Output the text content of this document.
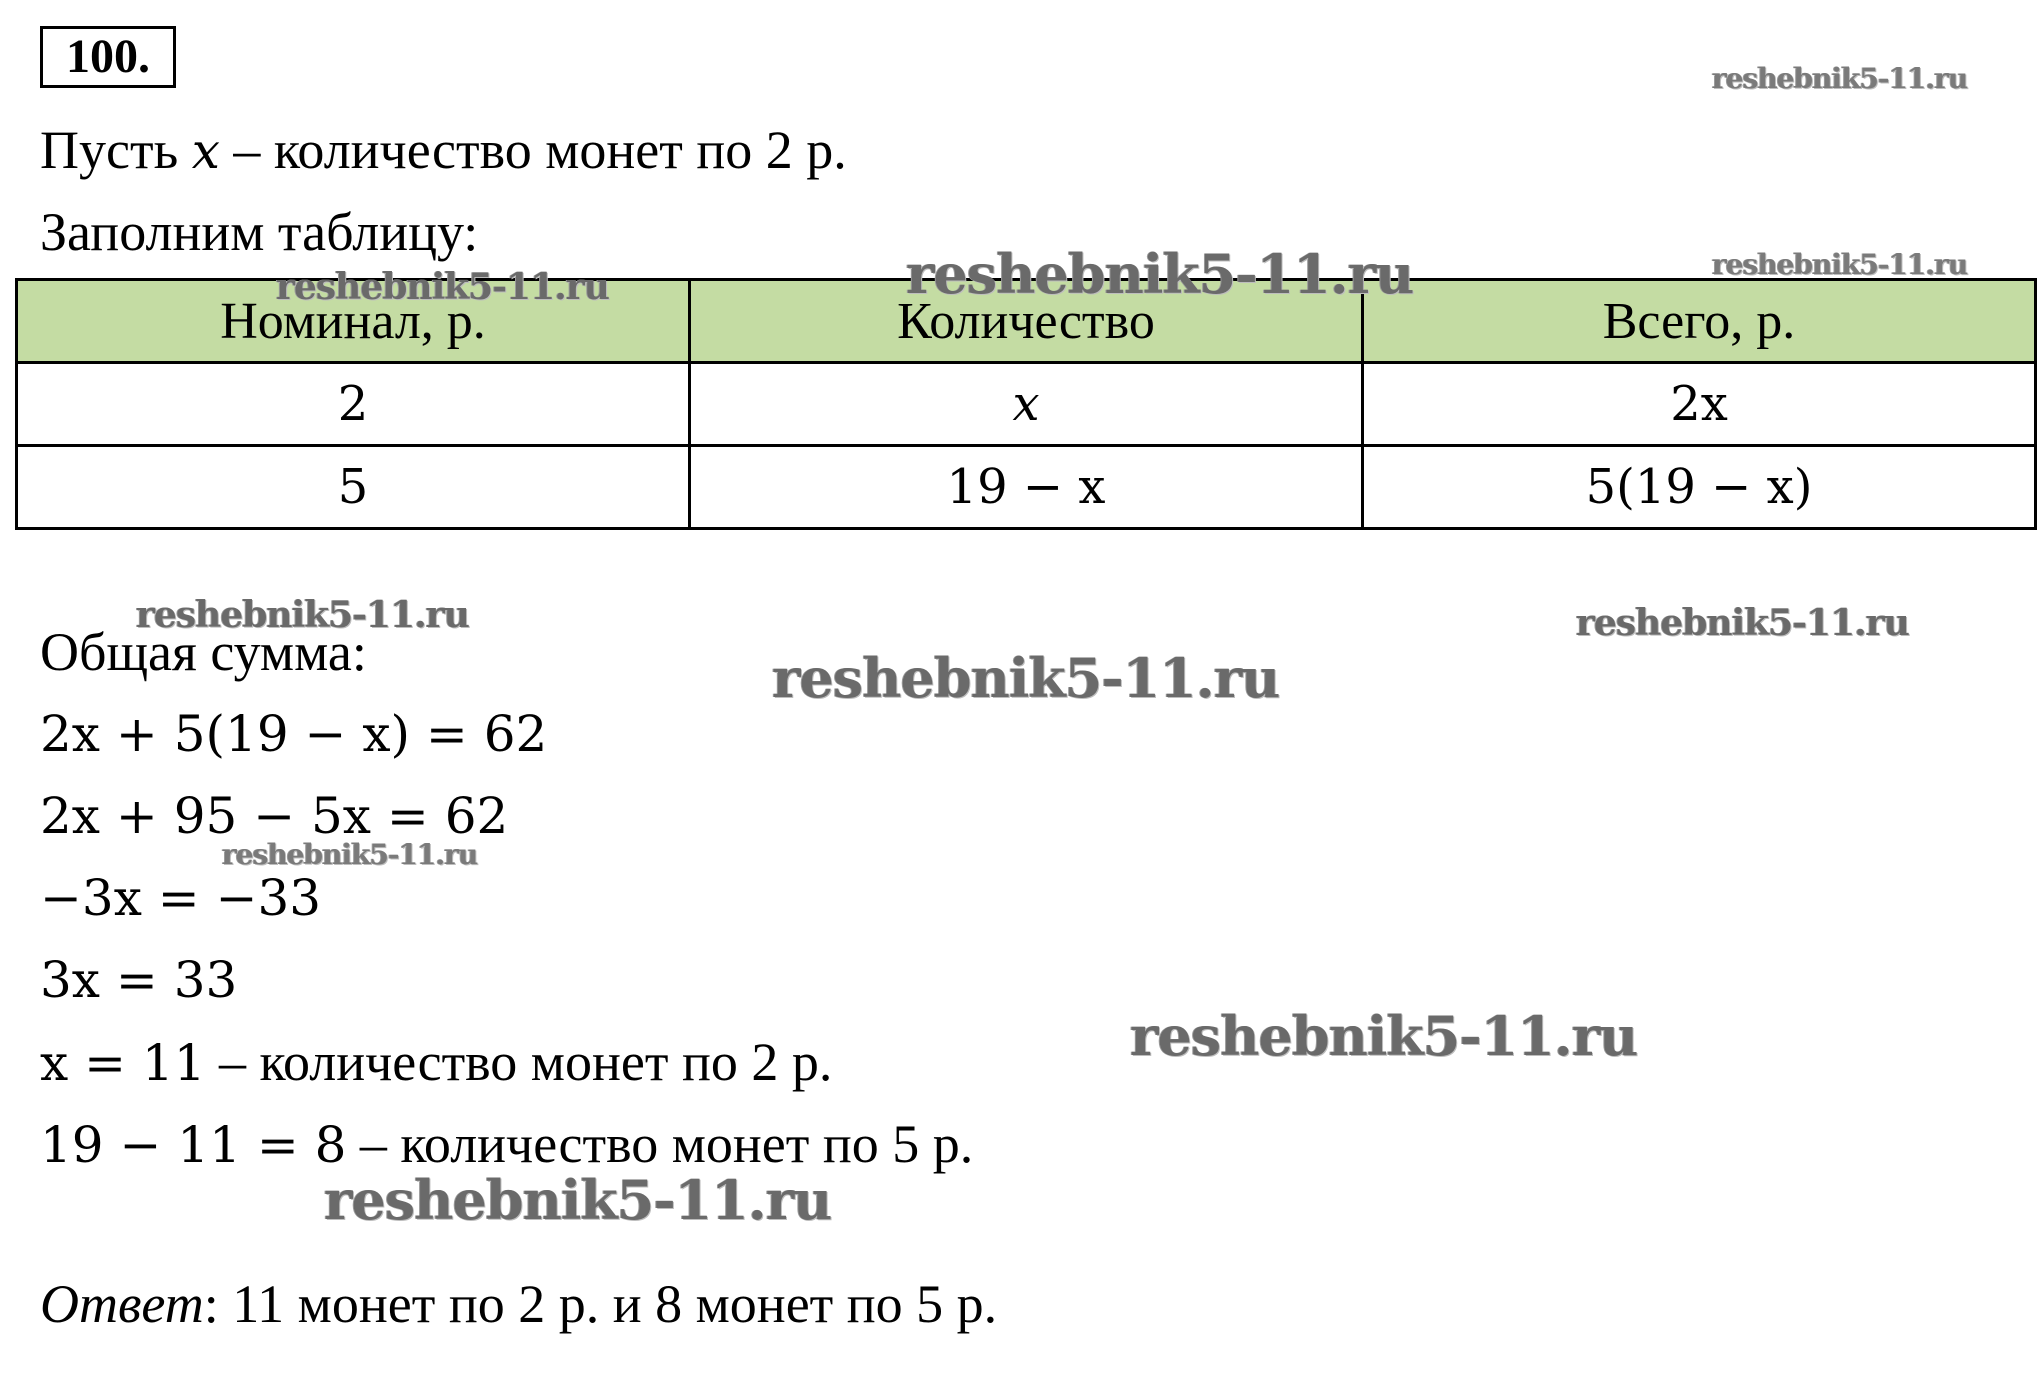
100.
Пусть x – количество монет по 2 р.
Заполним таблицу:
Номинал, р.	Количество	Всего, р.
2	x	2x
5	19 − x	5(19 − x)
Общая сумма:
2x + 5(19 − x) = 62
2x + 95 − 5x = 62
−3x = −33
3x = 33
x = 11 – количество монет по 2 р.
19 − 11 = 8 – количество монет по 5 р.
Ответ: 11 монет по 2 р. и 8 монет по 5 р.
reshebnik5-11.ru
reshebnik5-11.ru
reshebnik5-11.ru	reshebnik5-11.ru
reshebnik5-11.ru	reshebnik5-11.ru
reshebnik5-11.ru
reshebnik5-11.ru
reshebnik5-11.ru
reshebnik5-11.ru
